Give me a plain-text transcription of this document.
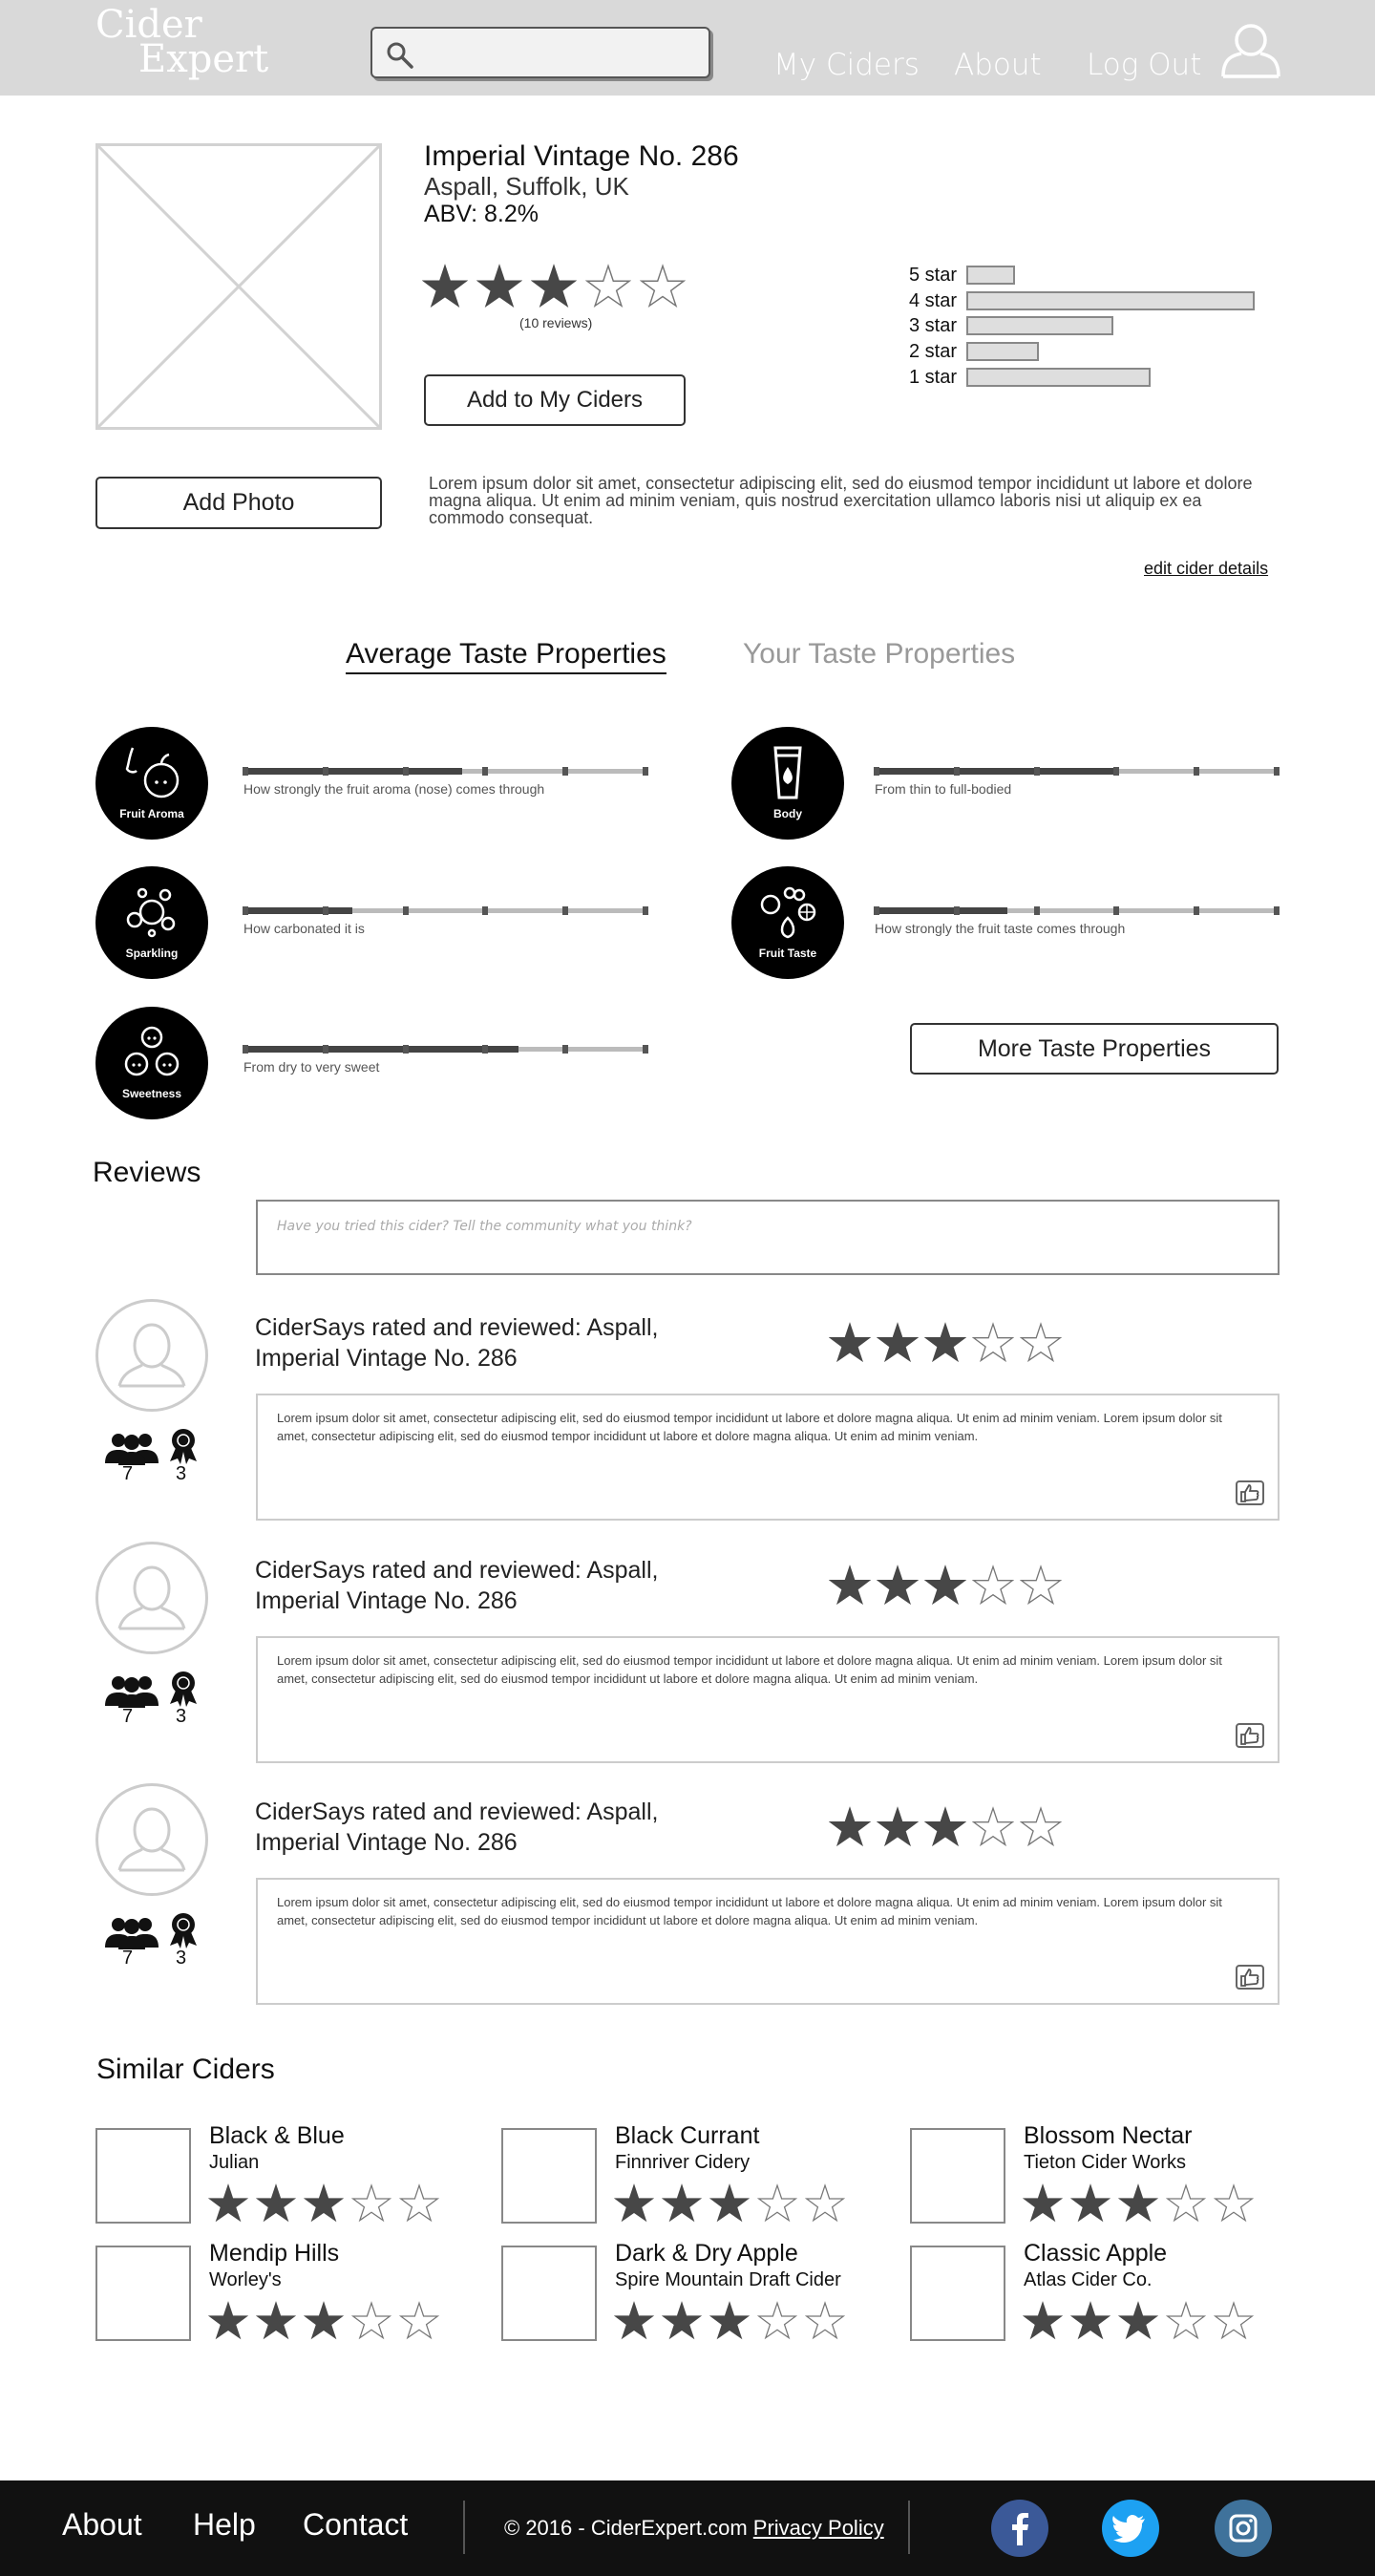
Cider
Expert	My Ciders About Log Out
Imperial Vintage No. 286
Aspall, Suffolk, UK
ABV: 8.2%
(10 reviews)
Add to My Ciders
Add Photo
5 star
4 star
3 star
2 star
1 star
Lorem ipsum dolor sit amet, consectetur adipiscing elit, sed do eiusmod tempor incididunt ut labore et dolore magna aliqua. Ut enim ad minim veniam, quis nostrud exercitation ullamco laboris nisi ut aliquip ex ea commodo consequat.
edit cider details
Average Taste Properties	Your Taste Properties
Fruit Aroma
How strongly the fruit aroma (nose) comes through
Body
From thin to full-bodied
Sparkling
How carbonated it is
Fruit Taste
How strongly the fruit taste comes through
Sweetness
From dry to very sweet
More Taste Properties
Reviews
Have you tried this cider? Tell the community what you think?
CiderSays rated and reviewed: Aspall,
Imperial Vintage No. 286
Lorem ipsum dolor sit amet, consectetur adipiscing elit, sed do eiusmod tempor incididunt ut labore et dolore magna aliqua. Ut enim ad minim veniam. Lorem ipsum dolor sit amet, consectetur adipiscing elit, sed do eiusmod tempor incididunt ut labore et dolore magna aliqua. Ut enim ad minim veniam.
7 3
CiderSays rated and reviewed: Aspall,
Imperial Vintage No. 286
Lorem ipsum dolor sit amet, consectetur adipiscing elit, sed do eiusmod tempor incididunt ut labore et dolore magna aliqua. Ut enim ad minim veniam. Lorem ipsum dolor sit amet, consectetur adipiscing elit, sed do eiusmod tempor incididunt ut labore et dolore magna aliqua. Ut enim ad minim veniam.
7 3
CiderSays rated and reviewed: Aspall,
Imperial Vintage No. 286
Lorem ipsum dolor sit amet, consectetur adipiscing elit, sed do eiusmod tempor incididunt ut labore et dolore magna aliqua. Ut enim ad minim veniam. Lorem ipsum dolor sit amet, consectetur adipiscing elit, sed do eiusmod tempor incididunt ut labore et dolore magna aliqua. Ut enim ad minim veniam.
7 3
Similar Ciders
Black & Blue
Julian
Black Currant
Finnriver Cidery
Blossom Nectar
Tieton Cider Works
Mendip Hills
Worley's
Dark & Dry Apple
Spire Mountain Draft Cider
Classic Apple
Atlas Cider Co.
About Help Contact	© 2016 - CiderExpert.com Privacy Policy
